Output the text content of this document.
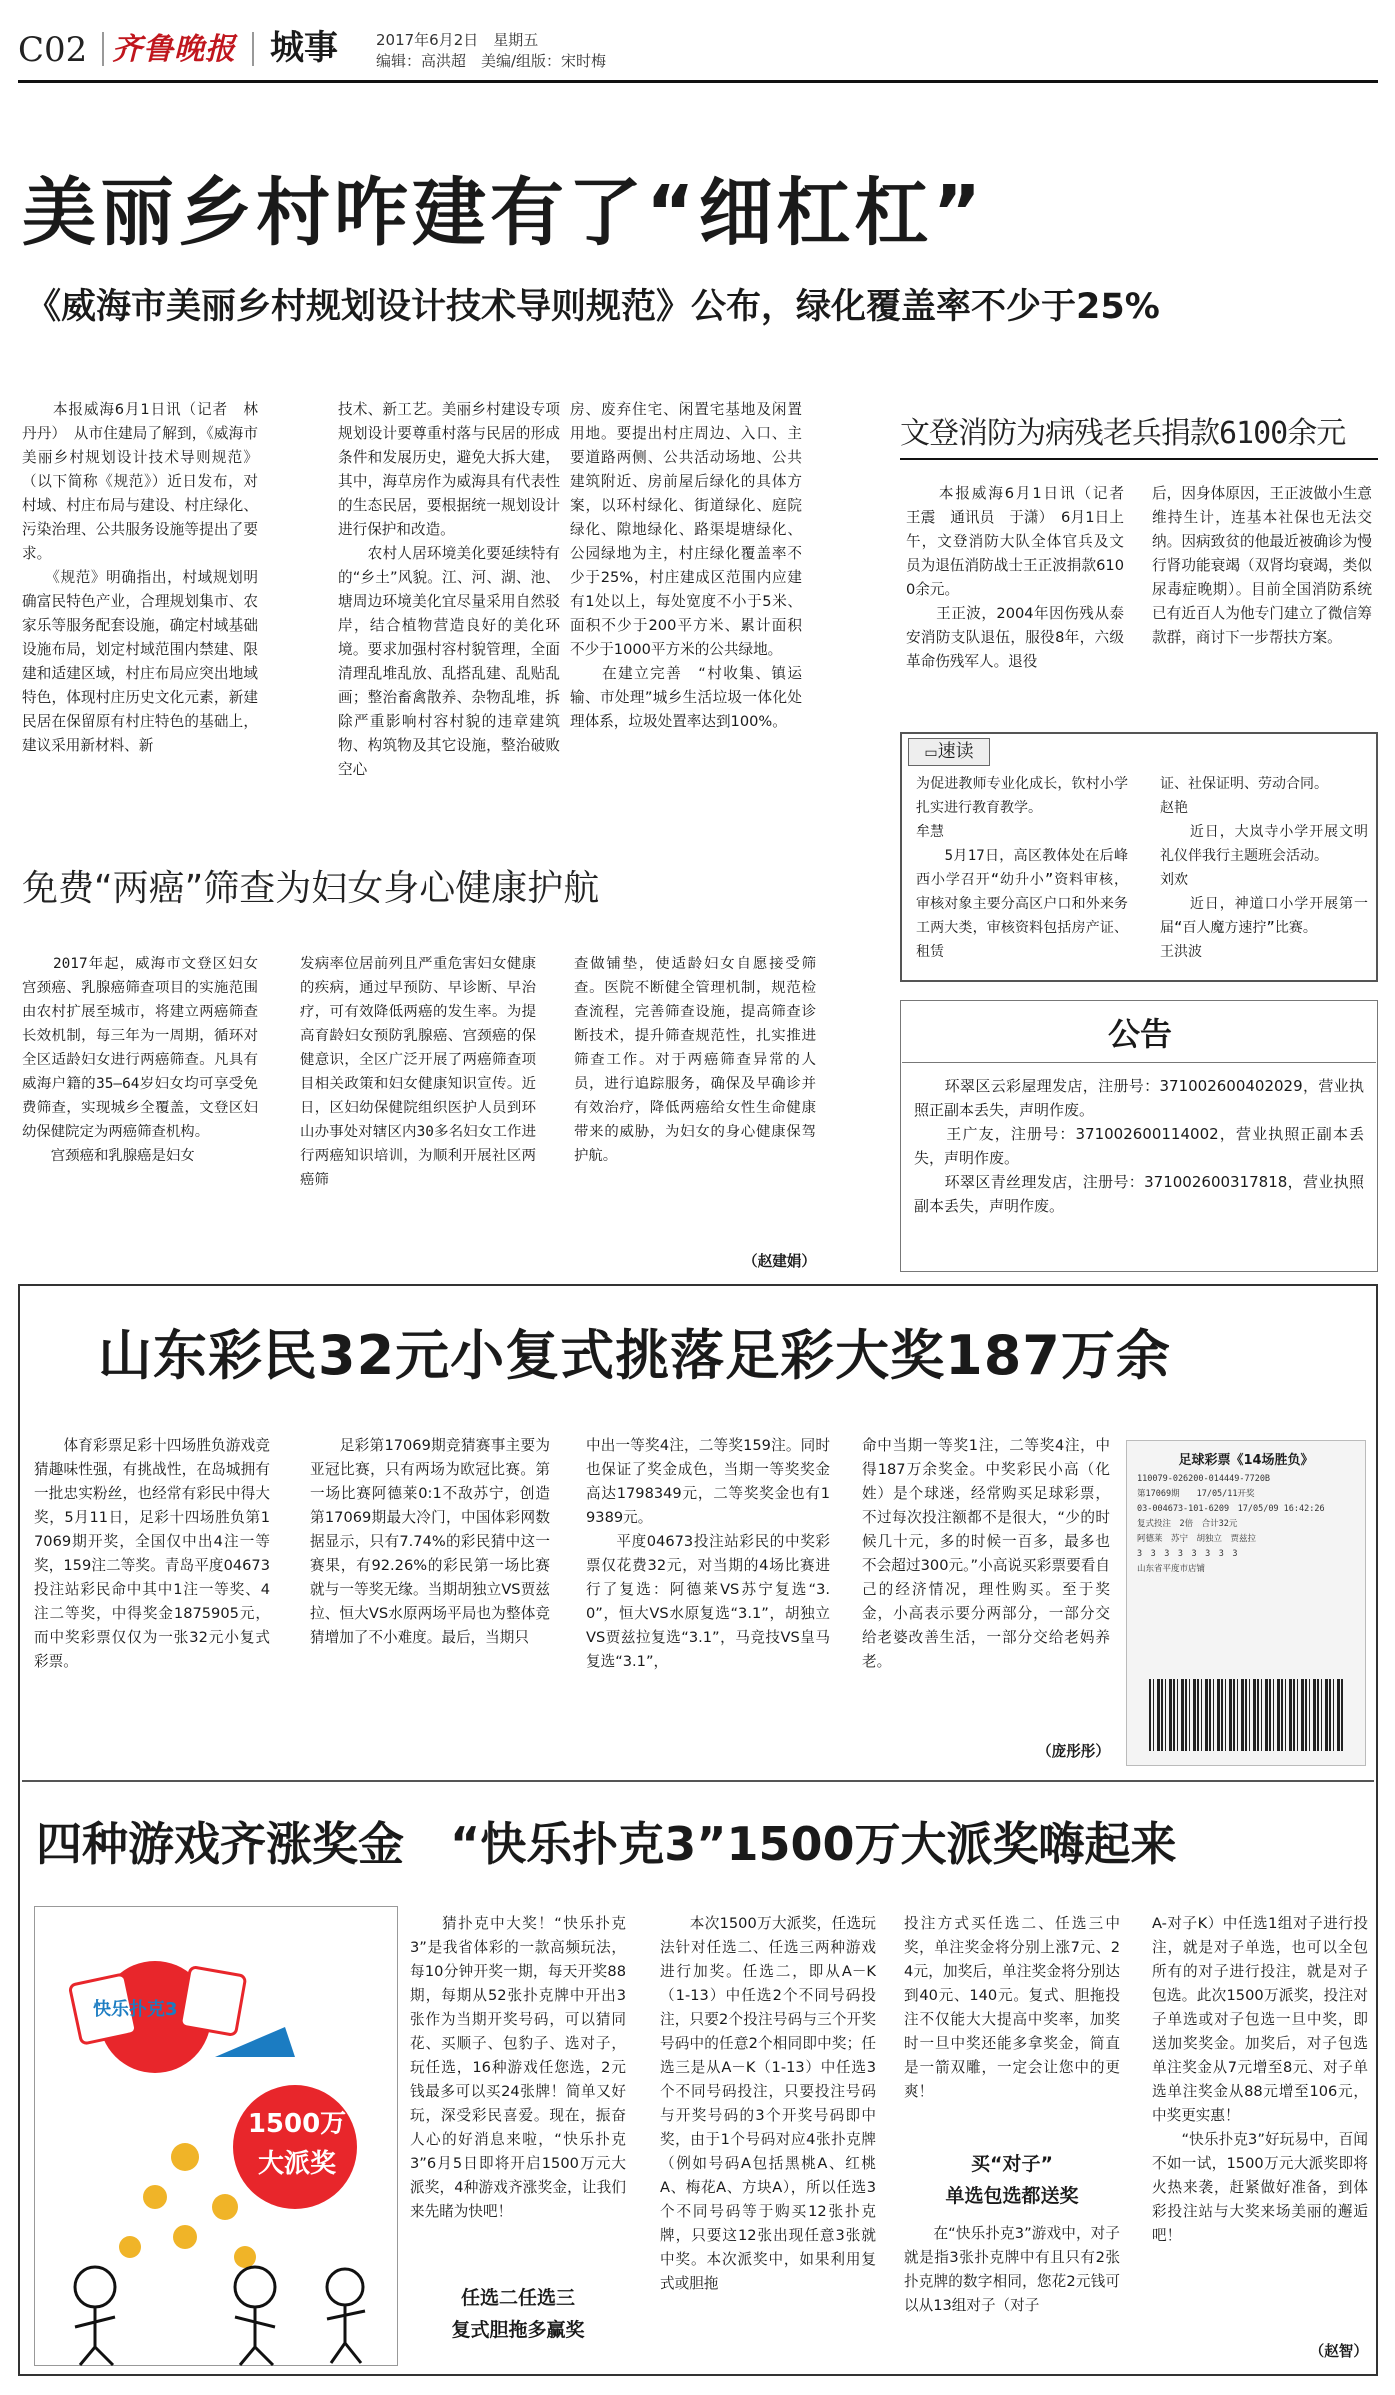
C02 齐鲁晚报 城事	2017年6月2日　 星期五
编辑：高洪超　美编/组版：宋时梅
美丽乡村咋建有了“细杠杠”
《威海市美丽乡村规划设计技术导则规范》公布，绿化覆盖率不少于25%
　　本报威海6月1日讯（记者　林丹丹）　从市住建局了解到，《威海市美丽乡村规划设计技术导则规范》（以下简称《规范》）近日发布，对村域、村庄布局与建设、村庄绿化、污染治理、公共服务设施等提出了要求。
　　《规范》明确指出，村域规划明确富民特色产业，合理规划集市、农家乐等服务配套设施，确定村域基础设施布局，划定村域范围内禁建、限建和适建区域，村庄布局应突出地域特色，体现村庄历史文化元素，新建民居在保留原有村庄特色的基础上，建议采用新材料、新
技术、新工艺。美丽乡村建设专项规划设计要尊重村落与民居的形成条件和发展历史，避免大拆大建，其中，海草房作为威海具有代表性的生态民居，要根据统一规划设计进行保护和改造。
　　农村人居环境美化要延续特有的“乡土”风貌。江、河、湖、池、塘周边环境美化宜尽量采用自然驳岸，结合植物营造良好的美化环境。要求加强村容村貌管理，全面清理乱堆乱放、乱搭乱建、乱贴乱画；整治畜禽散养、杂物乱堆，拆除严重影响村容村貌的违章建筑物、构筑物及其它设施，整治破败空心
房、废弃住宅、闲置宅基地及闲置用地。要提出村庄周边、入口、主要道路两侧、公共活动场地、公共建筑附近、房前屋后绿化的具体方案，以环村绿化、街道绿化、庭院绿化、隙地绿化、路渠堤塘绿化、公园绿地为主，村庄绿化覆盖率不少于25%，村庄建成区范围内应建有1处以上，每处宽度不小于5米、面积不少于200平方米、累计面积不少于1000平方米的公共绿地。
　　在建立完善　“村收集、镇运输、市处理”城乡生活垃圾一体化处理体系，垃圾处置率达到100%。
文登消防为病残老兵捐款6100余元
　　本报威海6月1日讯（记者　王震　通讯员　于潇）　6月1日上午，文登消防大队全体官兵及文员为退伍消防战士王正波捐款6100余元。
　　王正波，2004年因伤残从泰安消防支队退伍，服役8年，六级革命伤残军人。退役
后，因身体原因，王正波做小生意维持生计，连基本社保也无法交纳。因病致贫的他最近被确诊为慢行肾功能衰竭（双肾均衰竭，类似尿毒症晚期）。目前全国消防系统已有近百人为他专门建立了微信筹款群，商讨下一步帮扶方案。
▭速读
为促进教师专业化成长，钦村小学扎实进行教育教学。
牟慧
　　5月17日，高区教体处在后峰西小学召开“幼升小”资料审核，审核对象主要分高区户口和外来务工两大类，审核资料包括房产证、租赁
证、社保证明、劳动合同。
赵艳
　　近日，大岚寺小学开展文明礼仪伴我行主题班会活动。
刘欢
　　近日，神道口小学开展第一届“百人魔方速拧”比赛。
王洪波
免费“两癌”筛查为妇女身心健康护航
　　2017年起，威海市文登区妇女宫颈癌、乳腺癌筛查项目的实施范围由农村扩展至城市，将建立两癌筛查长效机制，每三年为一周期，循环对全区适龄妇女进行两癌筛查。凡具有威海户籍的35—64岁妇女均可享受免费筛查，实现城乡全覆盖，文登区妇幼保健院定为两癌筛查机构。
　　宫颈癌和乳腺癌是妇女
发病率位居前列且严重危害妇女健康的疾病，通过早预防、早诊断、早治疗，可有效降低两癌的发生率。为提高育龄妇女预防乳腺癌、宫颈癌的保健意识，全区广泛开展了两癌筛查项目相关政策和妇女健康知识宣传。近日，区妇幼保健院组织医护人员到环山办事处对辖区内30多名妇女工作进行两癌知识培训，为顺利开展社区两癌筛
查做铺垫，使适龄妇女自愿接受筛查。医院不断健全管理机制，规范检查流程，完善筛查设施，提高筛查诊断技术，提升筛查规范性，扎实推进筛查工作。对于两癌筛查异常的人员，进行追踪服务，确保及早确诊并有效治疗，降低两癌给女性生命健康带来的威胁，为妇女的身心健康保驾护航。
（赵建娟）
公告
　　环翠区云彩屋理发店，注册号：371002600402029，营业执照正副本丢失，声明作废。
　　王广友，注册号：371002600114002，营业执照正副本丢失，声明作废。
　　环翠区青丝理发店，注册号：371002600317818，营业执照副本丢失，声明作废。
山东彩民32元小复式挑落足彩大奖187万余
　　体育彩票足彩十四场胜负游戏竞猜趣味性强，有挑战性，在岛城拥有一批忠实粉丝，也经常有彩民中得大奖，5月11日，足彩十四场胜负第17069期开奖，全国仅中出4注一等奖，159注二等奖。青岛平度04673投注站彩民命中其中1注一等奖、4注二等奖，中得奖金1875905元，而中奖彩票仅仅为一张32元小复式彩票。
　　足彩第17069期竞猜赛事主要为亚冠比赛，只有两场为欧冠比赛。第一场比赛阿德莱0:1不敌苏宁，创造第17069期最大冷门，中国体彩网数据显示，只有7.74%的彩民猜中这一赛果，有92.26%的彩民第一场比赛就与一等奖无缘。当期胡独立VS贾兹拉、恒大VS水原两场平局也为整体竞猜增加了不小难度。最后，当期只
中出一等奖4注，二等奖159注。同时也保证了奖金成色，当期一等奖奖金高达1798349元，二等奖奖金也有19389元。
　　平度04673投注站彩民的中奖彩票仅花费32元，对当期的4场比赛进行了复选：阿德莱VS苏宁复选“3.0”，恒大VS水原复选“3.1”，胡独立VS贾兹拉复选“3.1”，马竞技VS皇马复选“3.1”，
命中当期一等奖1注，二等奖4注，中得187万余奖金。中奖彩民小高（化姓）是个球迷，经常购买足球彩票，不过每次投注额都不是很大，“少的时候几十元，多的时候一百多，最多也不会超过300元。”小高说买彩票要看自己的经济情况，理性购买。至于奖金，小高表示要分两部分，一部分交给老婆改善生活，一部分交给老妈养老。
（庞彤彤）
足球彩票《14场胜负》
110079-026200-014449-7720B
第17069期　　17/05/11开奖
03-004673-101-6209　17/05/09 16:42:26
复式投注　2倍　合计32元
阿德莱　苏宁　胡独立　贾兹拉
3　3　3　3　3　3　3　3
山东省平度市店铺
四种游戏齐涨奖金　“快乐扑克3”1500万大派奖嗨起来
快乐扑克3
1500万
大派奖
　　猜扑克中大奖！“快乐扑克3”是我省体彩的一款高频玩法，每10分钟开奖一期，每天开奖88期，每期从52张扑克牌中开出3张作为当期开奖号码，可以猜同花、买顺子、包豹子、选对子，玩任选，16种游戏任您选，2元钱最多可以买24张牌！简单又好玩，深受彩民喜爱。现在，振奋人心的好消息来啦，“快乐扑克3”6月5日即将开启1500万元大派奖，4种游戏齐涨奖金，让我们来先睹为快吧！
任选二任选三
复式胆拖多赢奖
　　本次1500万大派奖，任选玩法针对任选二、任选三两种游戏进行加奖。任选二，即从A－K（1-13）中任选2个不同号码投注，只要2个投注号码与三个开奖号码中的任意2个相同即中奖；任选三是从A－K（1-13）中任选3个不同号码投注，只要投注号码与开奖号码的3个开奖号码即中奖，由于1个号码对应4张扑克牌（例如号码A包括黑桃A、红桃A、梅花A、方块A），所以任选3个不同号码等于购买12张扑克牌，只要这12张出现任意3张就中奖。本次派奖中，如果利用复式或胆拖
投注方式买任选二、任选三中奖，单注奖金将分别上涨7元、24元，加奖后，单注奖金将分别达到40元、140元。复式、胆拖投注不仅能大大提高中奖率，加奖时一旦中奖还能多拿奖金，简直是一箭双雕，一定会让您中的更爽！
买“对子”
单选包选都送奖
　　在“快乐扑克3”游戏中，对子就是指3张扑克牌中有且只有2张扑克牌的数字相同，您花2元钱可以从13组对子（对子
A-对子K）中任选1组对子进行投注，就是对子单选，也可以全包所有的对子进行投注，就是对子包选。此次1500万派奖，投注对子单选或对子包选一旦中奖，即送加奖奖金。加奖后，对子包选单注奖金从7元增至8元、对子单选单注奖金从88元增至106元，中奖更实惠！
　　“快乐扑克3”好玩易中，百闻不如一试，1500万元大派奖即将火热来袭，赶紧做好准备，到体彩投注站与大奖来场美丽的邂逅吧！
（赵智）
